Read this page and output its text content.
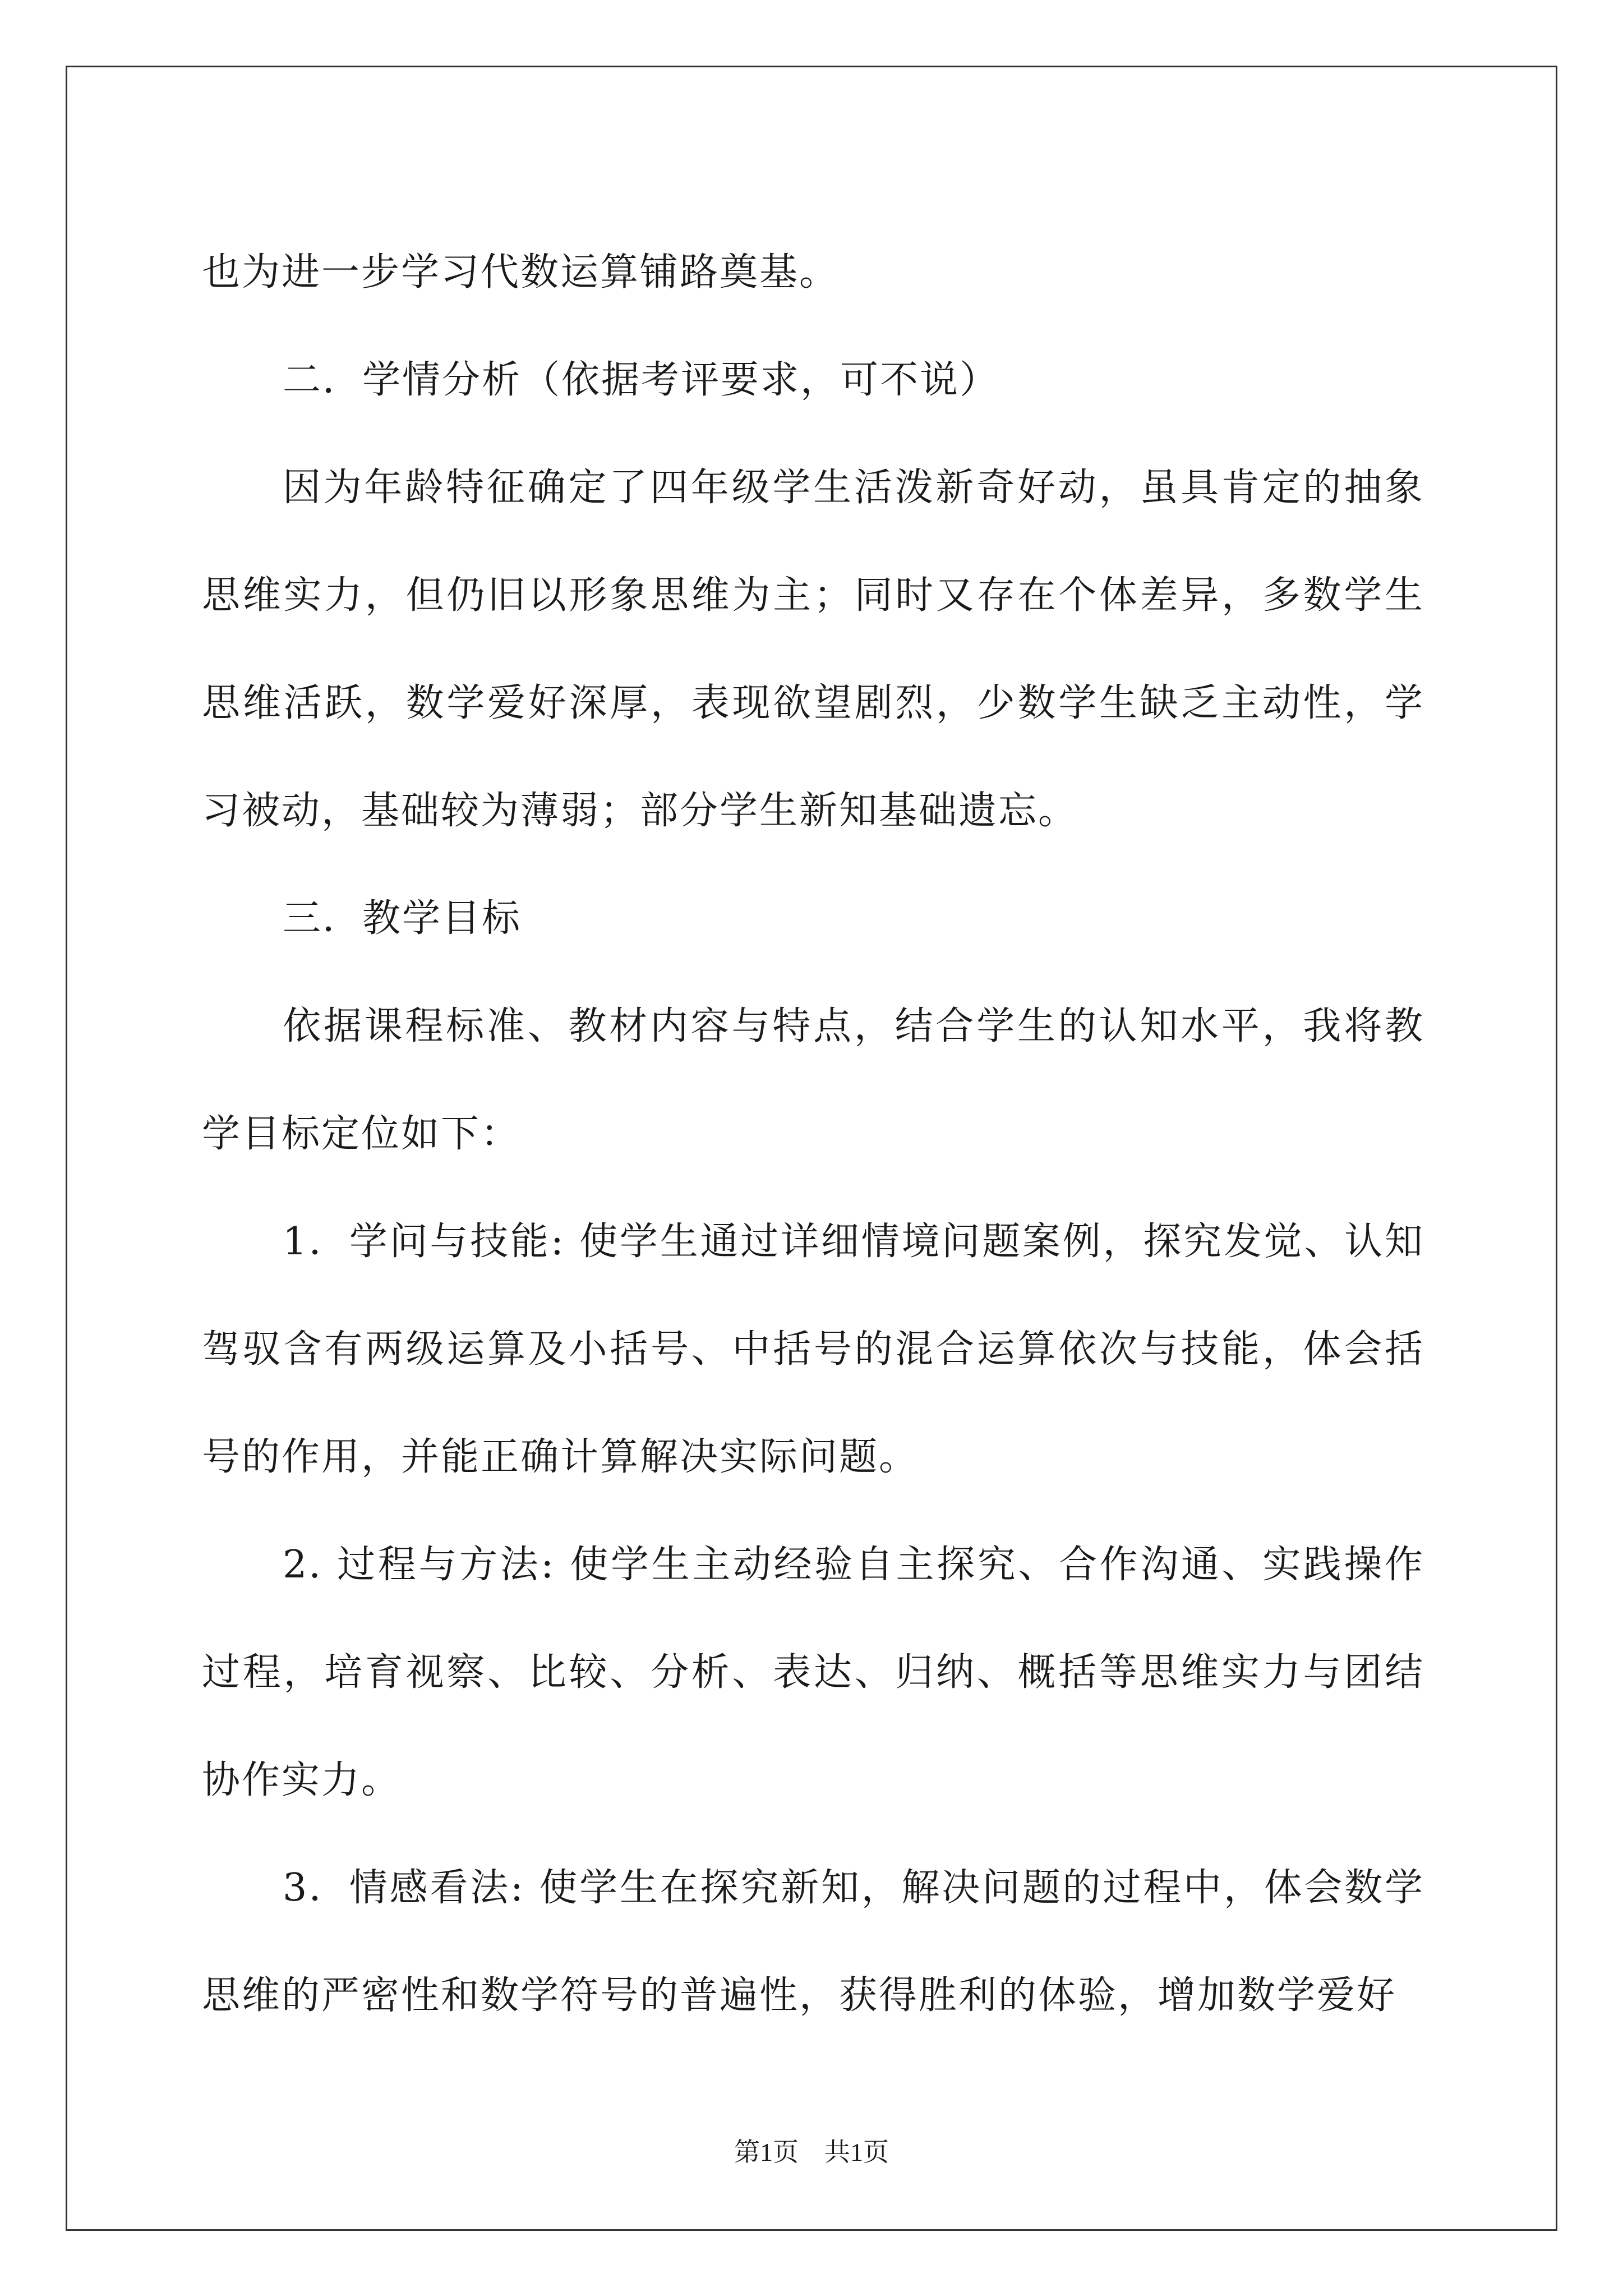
也为进一步学习代数运算铺路奠基。

二．学情分析（依据考评要求，可不说）

因为年龄特征确定了四年级学生活泼新奇好动，虽具肯定的抽象思维实力，但仍旧以形象思维为主；同时又存在个体差异，多数学生思维活跃，数学爱好深厚，表现欲望剧烈，少数学生缺乏主动性，学习被动，基础较为薄弱；部分学生新知基础遗忘。

三．教学目标

依据课程标准、教材内容与特点，结合学生的认知水平，我将教学目标定位如下：

1．学问与技能: 使学生通过详细情境问题案例，探究发觉、认知驾驭含有两级运算及小括号、中括号的混合运算依次与技能，体会括号的作用，并能正确计算解决实际问题。

2. 过程与方法: 使学生主动经验自主探究、合作沟通、实践操作过程，培育视察、比较、分析、表达、归纳、概括等思维实力与团结协作实力。

3．情感看法: 使学生在探究新知，解决问题的过程中，体会数学思维的严密性和数学符号的普遍性，获得胜利的体验，增加数学爱好

第1页　共1页
